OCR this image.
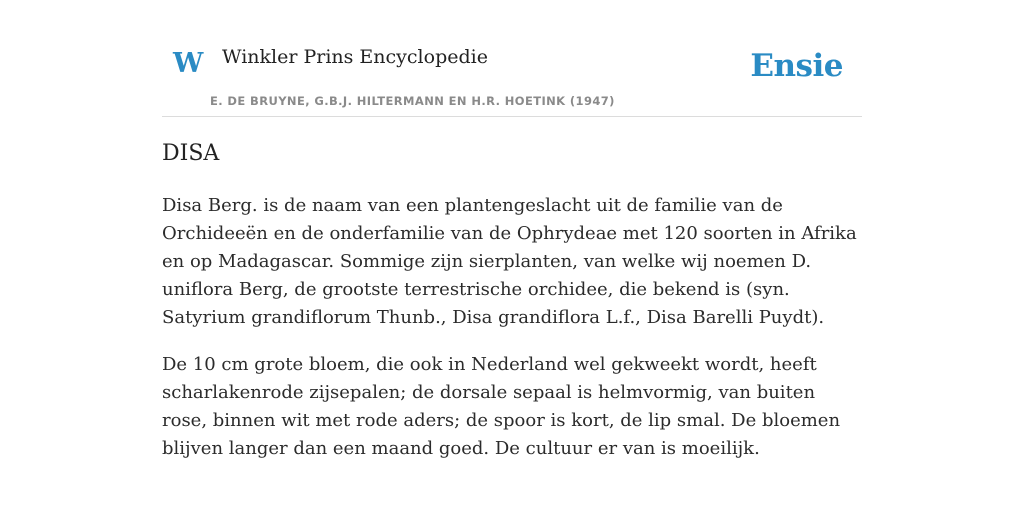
W Winkler Prins Encyclopedie
E. DE BRUYNE, G.B.J. HILTERMANN EN H.R. HOETINK (1947)
Ensie
DISA

Disa Berg. is de naam van een plantengeslacht uit de familie van de Orchideeën en de onderfamilie van de Ophrydeae met 120 soorten in Afrika en op Madagascar. Sommige zijn sierplanten, van welke wij noemen D. uniflora Berg, de grootste terrestrische orchidee, die bekend is (syn. Satyrium grandiflorum Thunb., Disa grandiflora L.f., Disa Barelli Puydt).

De 10 cm grote bloem, die ook in Nederland wel gekweekt wordt, heeft scharlakenrode zijsepalen; de dorsale sepaal is helmvormig, van buiten rose, binnen wit met rode aders; de spoor is kort, de lip smal. De bloemen blijven langer dan een maand goed. De cultuur er van is moeilijk.
